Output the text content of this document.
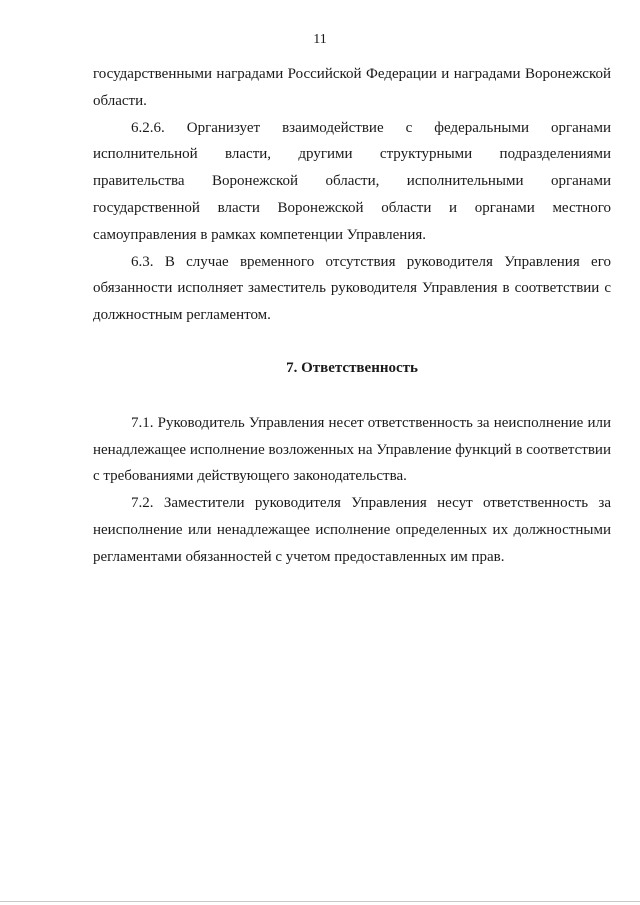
11

государственными наградами Российской Федерации и наградами Воронежской области.

6.2.6. Организует взаимодействие с федеральными органами исполнительной власти, другими структурными подразделениями правительства Воронежской области, исполнительными органами государственной власти Воронежской области и органами местного самоуправления в рамках компетенции Управления.

6.3. В случае временного отсутствия руководителя Управления его обязанности исполняет заместитель руководителя Управления в соответствии с должностным регламентом.

7. Ответственность

7.1. Руководитель Управления несет ответственность за неисполнение или ненадлежащее исполнение возложенных на Управление функций в соответствии с требованиями действующего законодательства.

7.2. Заместители руководителя Управления несут ответственность за неисполнение или ненадлежащее исполнение определенных их должностными регламентами обязанностей с учетом предоставленных им прав.
